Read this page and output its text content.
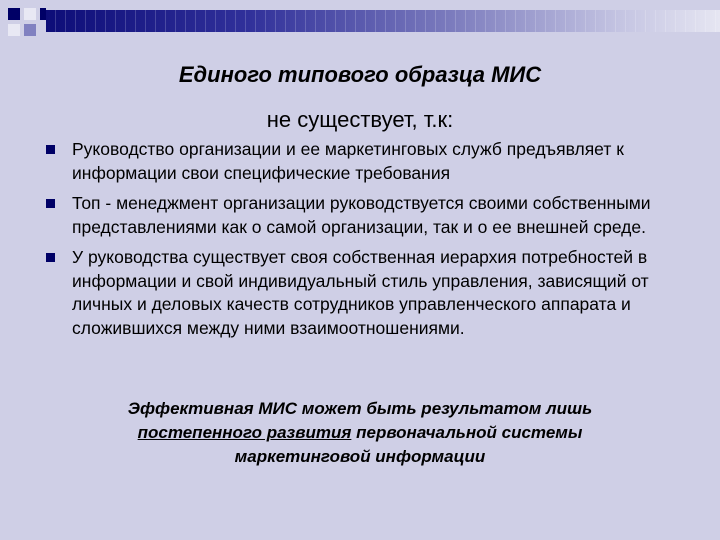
Единого типового образца МИС
не существует, т.к:
Руководство организации и ее маркетинговых служб предъявляет к информации свои специфические требования
Топ - менеджмент организации руководствуется своими собственными представлениями как о самой организации, так и о ее внешней среде.
У руководства существует своя собственная иерархия потребностей в информации и свой индивидуальный стиль управления, зависящий от личных и деловых качеств сотрудников управленческого аппарата и сложившихся между ними взаимоотношениями.
Эффективная МИС может быть результатом лишь постепенного развития первоначальной системы маркетинговой информации
